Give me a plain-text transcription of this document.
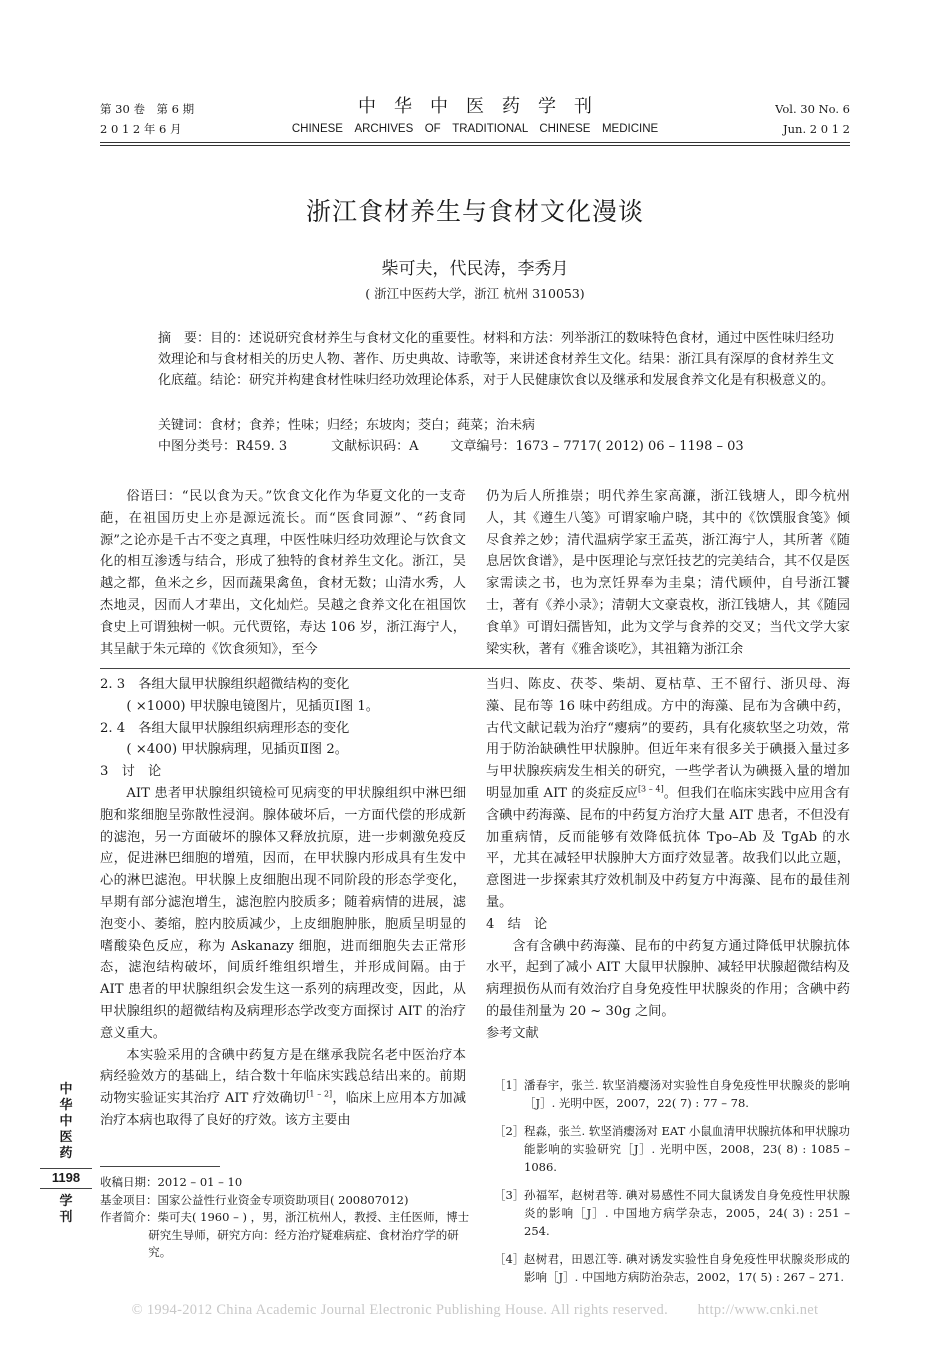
第 30 卷　第 6 期
2 0 1 2 年 6 月
中　华　中　医　药　学　刊
CHINESE　ARCHIVES　OF　TRADITIONAL　CHINESE　MEDICINE
Vol. 30 No. 6
Jun. 2 0 1 2
浙江食材养生与食材文化漫谈
柴可夫，代民涛，李秀月
( 浙江中医药大学，浙江 杭州 310053)

摘　要：目的：述说研究食材养生与食材文化的重要性。材料和方法：列举浙江的数味特色食材，通过中医性味归经功效理论和与食材相关的历史人物、著作、历史典故、诗歌等，来讲述食材养生文化。结果：浙江具有深厚的食材养生文化底蕴。结论：研究并构建食材性味归经功效理论体系，对于人民健康饮食以及继承和发展食养文化是有积极意义的。

关键词：食材；食养；性味；归经；东坡肉；茭白；莼菜；治未病

中图分类号：R459. 3	文献标识码：A 文章编号：1673 – 7717( 2012) 06 – 1198 – 03

俗语曰：“民以食为天。”饮食文化作为华夏文化的一支奇葩，在祖国历史上亦是源远流长。而“医食同源”、“药食同源”之论亦是千古不变之真理，中医性味归经功效理论与饮食文化的相互渗透与结合，形成了独特的食材养生文化。浙江，吴越之都，鱼米之乡，因而蔬果禽鱼，食材无数；山清水秀，人杰地灵，因而人才辈出，文化灿烂。吴越之食养文化在祖国饮食史上可谓独树一帜。元代贾铭，寿达 106 岁，浙江海宁人，其呈献于朱元璋的《饮食须知》，至今

仍为后人所推崇；明代养生家高濂，浙江钱塘人，即今杭州人，其《遵生八笺》可谓家喻户晓，其中的《饮馔服食笺》倾尽食养之妙；清代温病学家王孟英，浙江海宁人，其所著《随息居饮食谱》，是中医理论与烹饪技艺的完美结合，其不仅是医家需读之书，也为烹饪界奉为圭臬；清代顾仲，自号浙江饕士，著有《养小录》；清朝大文豪袁枚，浙江钱塘人，其《随园食单》可谓妇孺皆知，此为文学与食养的交叉；当代文学大家梁实秋，著有《雅舍谈吃》，其祖籍为浙江余

2. 3　各组大鼠甲状腺组织超微结构的变化

( ×1000) 甲状腺电镜图片，见插页Ⅰ图 1。

2. 4　各组大鼠甲状腺组织病理形态的变化

( ×400) 甲状腺病理，见插页Ⅱ图 2。

3　讨　论

AIT 患者甲状腺组织镜检可见病变的甲状腺组织中淋巴细胞和浆细胞呈弥散性浸润。腺体破坏后，一方面代偿的形成新的滤泡，另一方面破坏的腺体又释放抗原，进一步刺激免疫反应，促进淋巴细胞的增殖，因而，在甲状腺内形成具有生发中心的淋巴滤泡。甲状腺上皮细胞出现不同阶段的形态学变化，早期有部分滤泡增生，滤泡腔内胶质多；随着病情的进展，滤泡变小、萎缩，腔内胶质减少，上皮细胞肿胀，胞质呈明显的嗜酸染色反应，称为 Askanazy 细胞，进而细胞失去正常形态，滤泡结构破坏，间质纤维组织增生，并形成间隔。由于 AIT 患者的甲状腺组织会发生这一系列的病理改变，因此，从甲状腺组织的超微结构及病理形态学改变方面探讨 AIT 的治疗意义重大。

本实验采用的含碘中药复方是在继承我院名老中医治疗本病经验效方的基础上，结合数十年临床实践总结出来的。前期动物实验证实其治疗 AIT 疗效确切[1 – 2]，临床上应用本方加减治疗本病也取得了良好的疗效。该方主要由

当归、陈皮、茯苓、柴胡、夏枯草、王不留行、浙贝母、海藻、昆布等 16 味中药组成。方中的海藻、昆布为含碘中药，古代文献记载为治疗“瘿病”的要药，具有化痰软坚之功效，常用于防治缺碘性甲状腺肿。但近年来有很多关于碘摄入量过多与甲状腺疾病发生相关的研究，一些学者认为碘摄入量的增加明显加重 AIT 的炎症反应[3 – 4]。但我们在临床实践中应用含有含碘中药海藻、昆布的中药复方治疗大量 AIT 患者，不但没有加重病情，反而能够有效降低抗体 Tpo–Ab 及 TgAb 的水平，尤其在减轻甲状腺肿大方面疗效显著。故我们以此立题，意图进一步探索其疗效机制及中药复方中海藻、昆布的最佳剂量。

4　结　论

含有含碘中药海藻、昆布的中药复方通过降低甲状腺抗体水平，起到了减小 AIT 大鼠甲状腺肿、减轻甲状腺超微结构及病理损伤从而有效治疗自身免疫性甲状腺炎的作用；含碘中药的最佳剂量为 20 ~ 30g 之间。

参考文献

［1］ 潘春宇，张兰. 软坚消瘿汤对实验性自身免疫性甲状腺炎的影响［J］. 光明中医，2007，22( 7) : 77 – 78.
［2］ 程淼，张兰. 软坚消瘿汤对 EAT 小鼠血清甲状腺抗体和甲状腺功能影响的实验研究［J］. 光明中医，2008，23( 8) : 1085 – 1086.
［3］ 孙福军，赵树君等. 碘对易感性不同大鼠诱发自身免疫性甲状腺炎的影响［J］. 中国地方病学杂志，2005，24( 3) : 251 – 254.
［4］ 赵树君，田恩江等. 碘对诱发实验性自身免疫性甲状腺炎形成的影响［J］. 中国地方病防治杂志，2002，17( 5) : 267 – 271.

收稿日期：2012 – 01 – 10

基金项目：国家公益性行业资金专项资助项目( 200807012)

作者简介：柴可夫( 1960 – ) ，男，浙江杭州人，教授、主任医师，博士研究生导师，研究方向：经方治疗疑难病症、食材治疗学的研究。

中华中医药
1198
学刊
© 1994-2012 China Academic Journal Electronic Publishing House. All rights reserved.　　http://www.cnki.net
